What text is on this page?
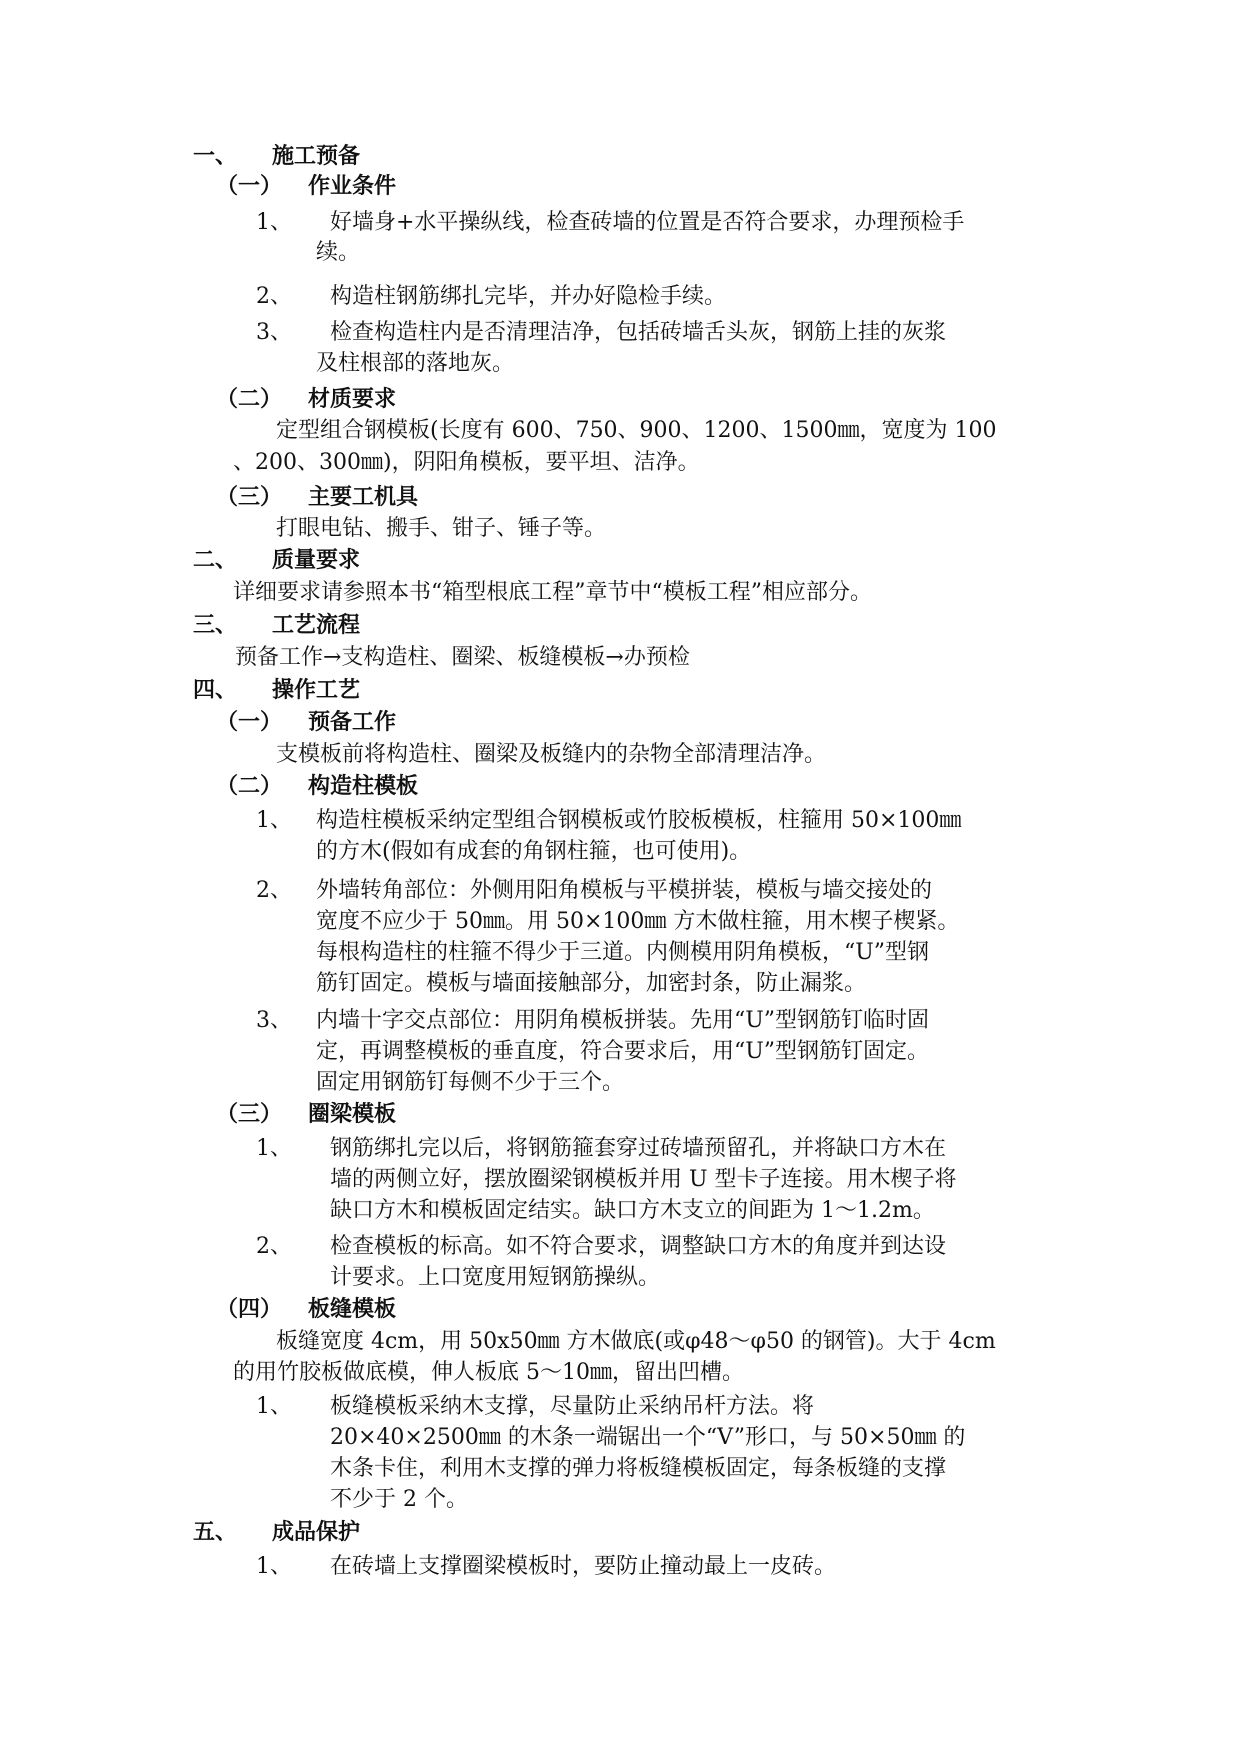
一、 施工预备
（一） 作业条件
1、 好墙身+水平操纵线，检查砖墙的位置是否符合要求，办理预检手
续。
2、 构造柱钢筋绑扎完毕，并办好隐检手续。
3、 检查构造柱内是否清理洁净，包括砖墙舌头灰，钢筋上挂的灰浆
及柱根部的落地灰。
（二） 材质要求
定型组合钢模板(长度有 600、750、900、1200、1500㎜，宽度为 100
、200、300㎜)，阴阳角模板，要平坦、洁净。
（三） 主要工机具
打眼电钻、搬手、钳子、锤子等。
二、 质量要求
详细要求请参照本书“箱型根底工程”章节中“模板工程”相应部分。
三、 工艺流程
预备工作→支构造柱、圈梁、板缝模板→办预检
四、 操作工艺
（一） 预备工作
支模板前将构造柱、圈梁及板缝内的杂物全部清理洁净。
（二） 构造柱模板
1、 构造柱模板采纳定型组合钢模板或竹胶板模板，柱箍用 50×100㎜
的方木(假如有成套的角钢柱箍，也可使用)。
2、 外墙转角部位：外侧用阳角模板与平模拼装，模板与墙交接处的
宽度不应少于 50㎜。用 50×100㎜ 方木做柱箍，用木楔子楔紧。
每根构造柱的柱箍不得少于三道。内侧模用阴角模板，“U”型钢
筋钉固定。模板与墙面接触部分，加密封条，防止漏浆。
3、 内墙十字交点部位：用阴角模板拼装。先用“U”型钢筋钉临时固
定，再调整模板的垂直度，符合要求后，用“U”型钢筋钉固定。
固定用钢筋钉每侧不少于三个。
（三） 圈梁模板
1、 钢筋绑扎完以后，将钢筋箍套穿过砖墙预留孔，并将缺口方木在
墙的两侧立好，摆放圈梁钢模板并用 U 型卡子连接。用木楔子将
缺口方木和模板固定结实。缺口方木支立的间距为 1～1.2m。
2、 检查模板的标高。如不符合要求，调整缺口方木的角度并到达设
计要求。上口宽度用短钢筋操纵。
（四） 板缝模板
板缝宽度 4cm，用 50x50㎜ 方木做底(或φ48～φ50 的钢管)。大于 4cm
的用竹胶板做底模，伸人板底 5～10㎜，留出凹槽。
1、 板缝模板采纳木支撑，尽量防止采纳吊杆方法。将
20×40×2500㎜ 的木条一端锯出一个“V”形口，与 50×50㎜ 的
木条卡住，利用木支撑的弹力将板缝模板固定，每条板缝的支撑
不少于 2 个。
五、 成品保护
1、 在砖墙上支撑圈梁模板时，要防止撞动最上一皮砖。
